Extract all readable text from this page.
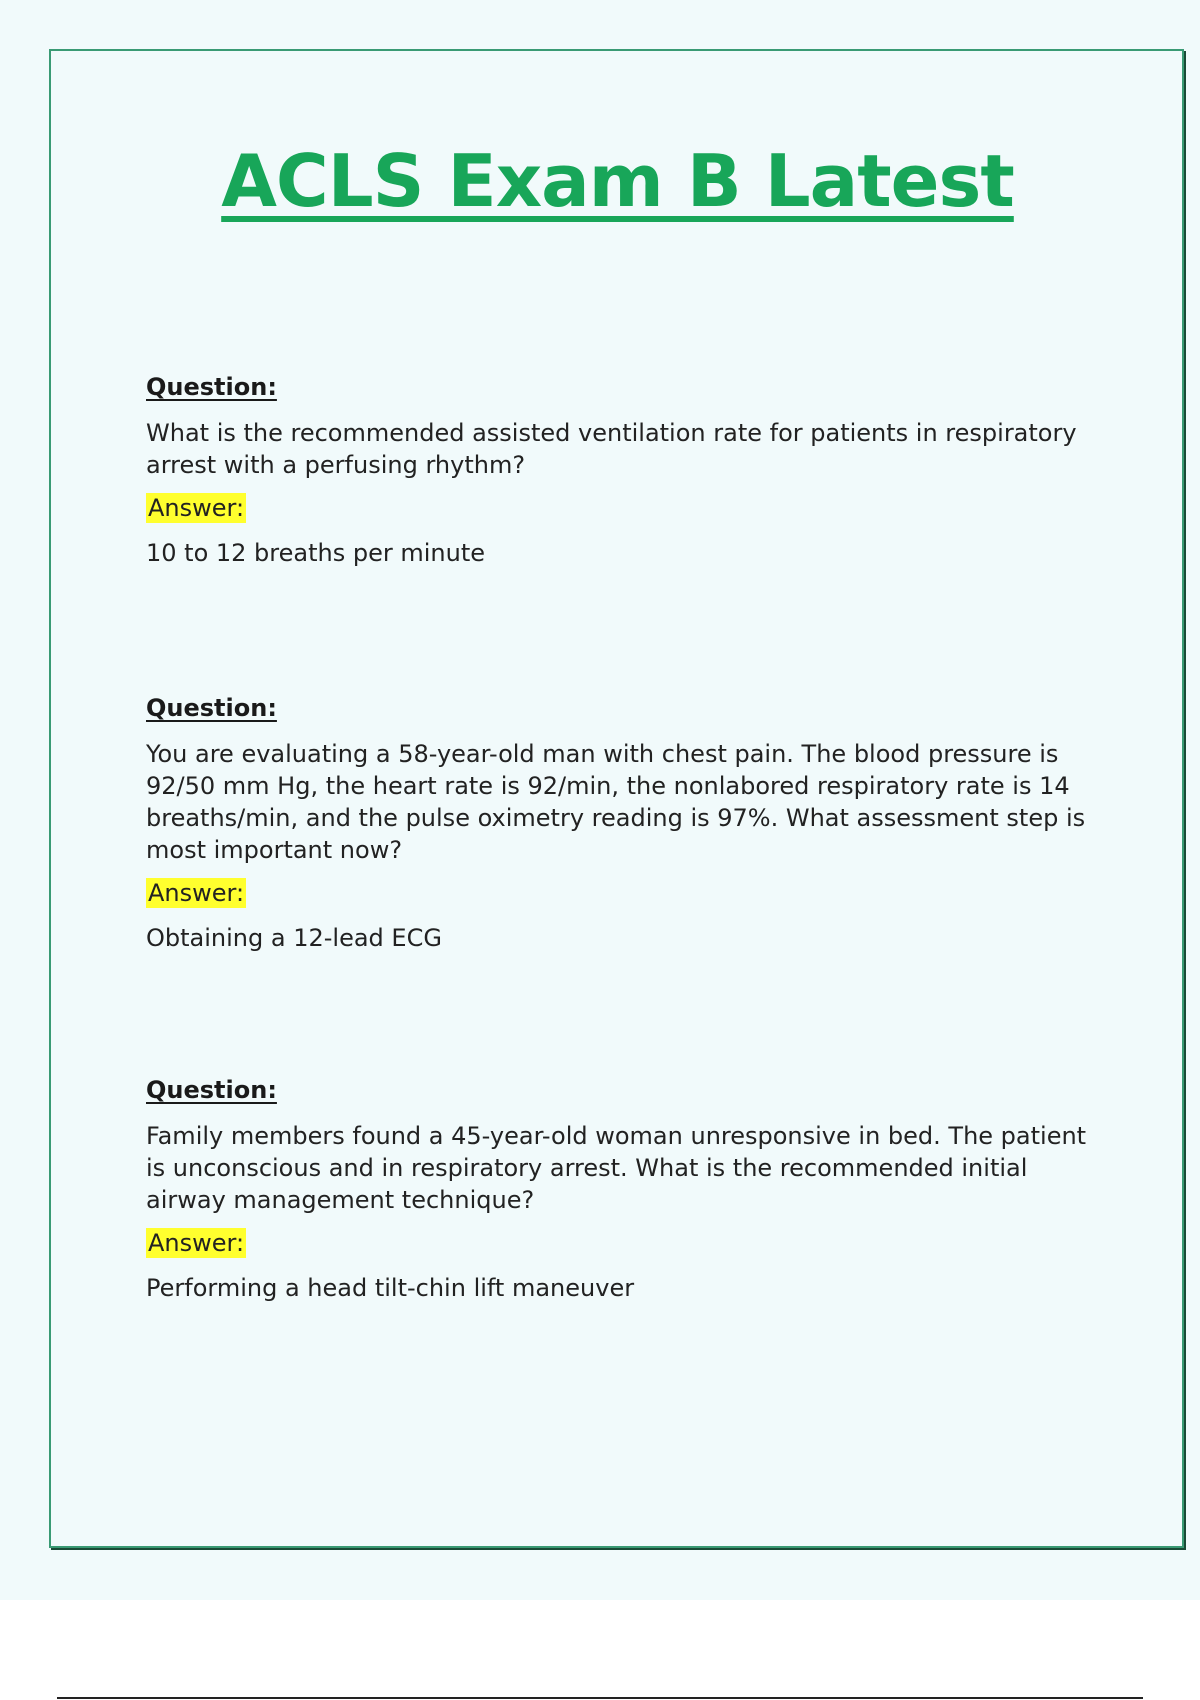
ACLS Exam B Latest
Question:
What is the recommended assisted ventilation rate for patients in respiratory arrest with a perfusing rhythm?
Answer:
10 to 12 breaths per minute
Question:
You are evaluating a 58-year-old man with chest pain. The blood pressure is 92/50 mm Hg, the heart rate is 92/min, the nonlabored respiratory rate is 14 breaths/min, and the pulse oximetry reading is 97%. What assessment step is most important now?
Answer:
Obtaining a 12-lead ECG
Question:
Family members found a 45-year-old woman unresponsive in bed. The patient is unconscious and in respiratory arrest. What is the recommended initial airway management technique?
Answer:
Performing a head tilt-chin lift maneuver
